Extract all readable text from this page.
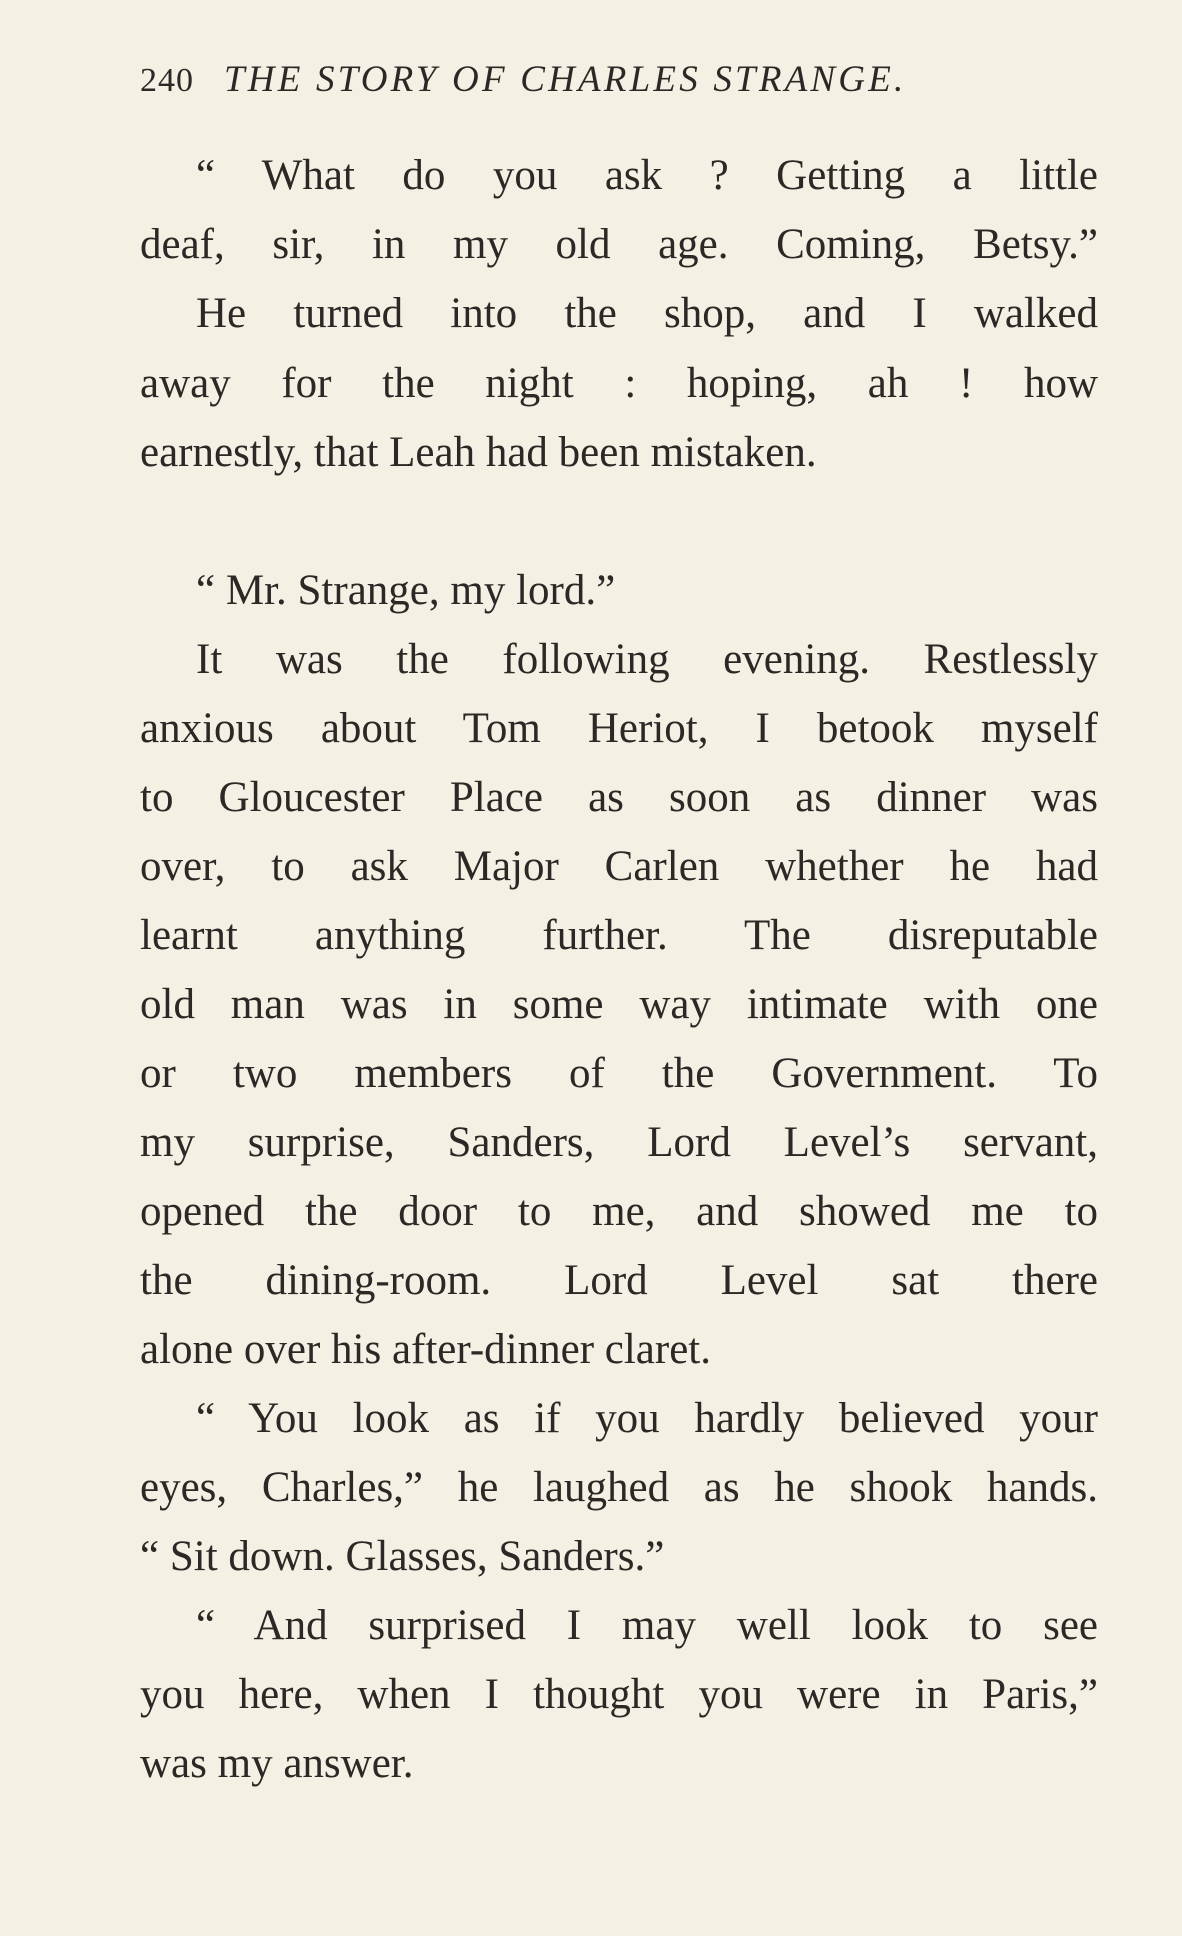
240 THE STORY OF CHARLES STRANGE.
“ What do you ask ? Getting a little
deaf, sir, in my old age. Coming, Betsy.”
He turned into the shop, and I walked
away for the night : hoping, ah ! how
earnestly, that Leah had been mistaken.
“ Mr. Strange, my lord.”
It was the following evening. Restlessly
anxious about Tom Heriot, I betook myself
to Gloucester Place as soon as dinner was
over, to ask Major Carlen whether he had
learnt anything further. The disreputable
old man was in some way intimate with one
or two members of the Government. To
my surprise, Sanders, Lord Level’s servant,
opened the door to me, and showed me to
the dining-room. Lord Level sat there
alone over his after-dinner claret.
“ You look as if you hardly believed your
eyes, Charles,” he laughed as he shook hands.
“ Sit down. Glasses, Sanders.”
“ And surprised I may well look to see
you here, when I thought you were in Paris,”
was my answer.
